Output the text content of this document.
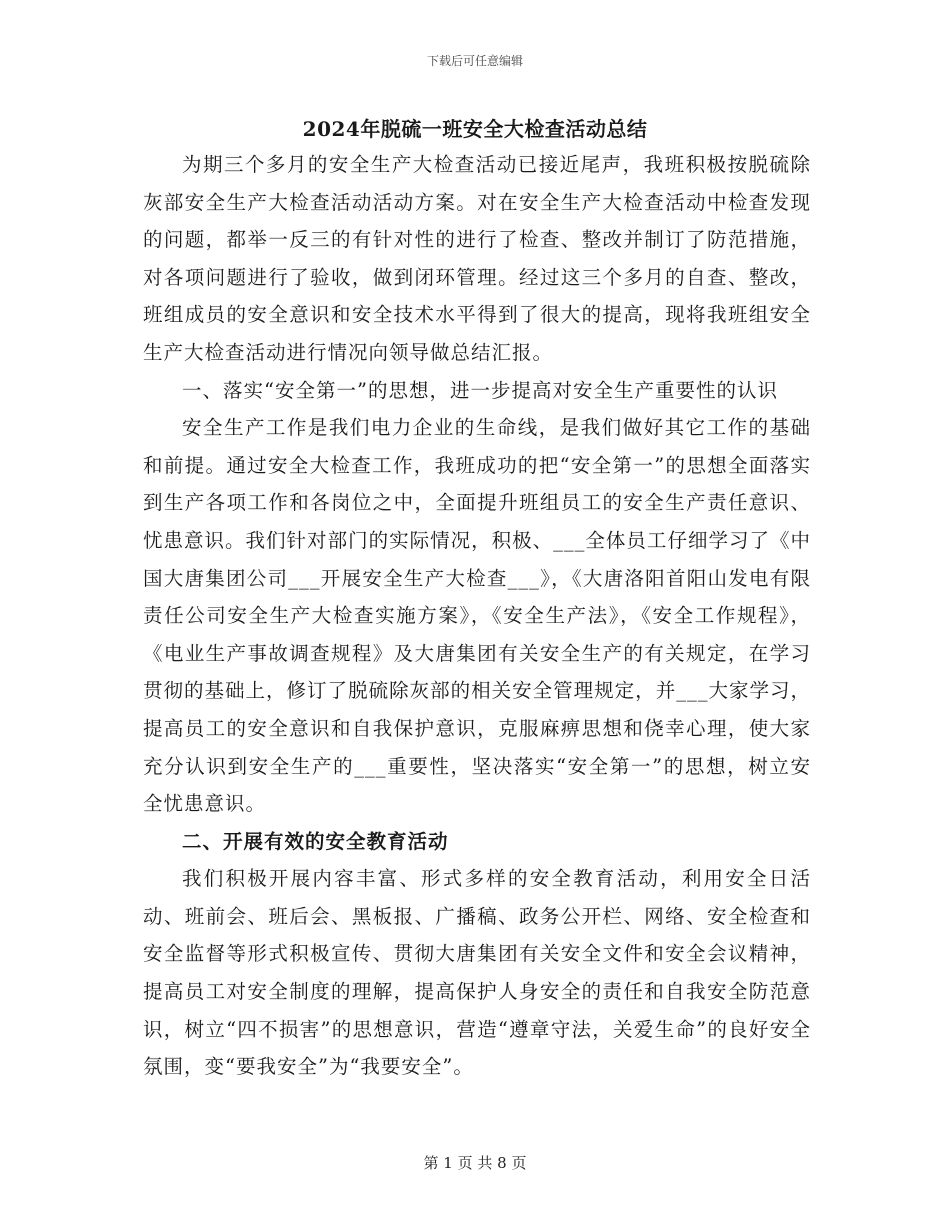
下载后可任意编辑
2024年脱硫一班安全大检查活动总结

为期三个多月的安全生产大检查活动已接近尾声，我班积极按脱硫除灰部安全生产大检查活动活动方案。对在安全生产大检查活动中检查发现的问题，都举一反三的有针对性的进行了检查、整改并制订了防范措施，对各项问题进行了验收，做到闭环管理。经过这三个多月的自查、整改，班组成员的安全意识和安全技术水平得到了很大的提高，现将我班组安全生产大检查活动进行情况向领导做总结汇报。

一、落实“安全第一”的思想，进一步提高对安全生产重要性的认识

安全生产工作是我们电力企业的生命线，是我们做好其它工作的基础和前提。通过安全大检查工作，我班成功的把“安全第一”的思想全面落实到生产各项工作和各岗位之中，全面提升班组员工的安全生产责任意识、忧患意识。我们针对部门的实际情况，积极、___全体员工仔细学习了《中国大唐集团公司___开展安全生产大检查___》，《大唐洛阳首阳山发电有限责任公司安全生产大检查实施方案》，《安全生产法》，《安全工作规程》，《电业生产事故调查规程》及大唐集团有关安全生产的有关规定，在学习贯彻的基础上，修订了脱硫除灰部的相关安全管理规定，并___大家学习，提高员工的安全意识和自我保护意识，克服麻痹思想和侥幸心理，使大家充分认识到安全生产的___重要性，坚决落实“安全第一”的思想，树立安全忧患意识。

二、开展有效的安全教育活动

我们积极开展内容丰富、形式多样的安全教育活动，利用安全日活动、班前会、班后会、黑板报、广播稿、政务公开栏、网络、安全检查和安全监督等形式积极宣传、贯彻大唐集团有关安全文件和安全会议精神，提高员工对安全制度的理解，提高保护人身安全的责任和自我安全防范意识，树立“四不损害”的思想意识，营造“遵章守法，关爱生命”的良好安全氛围，变“要我安全”为“我要安全”。

第 1 页 共 8 页
